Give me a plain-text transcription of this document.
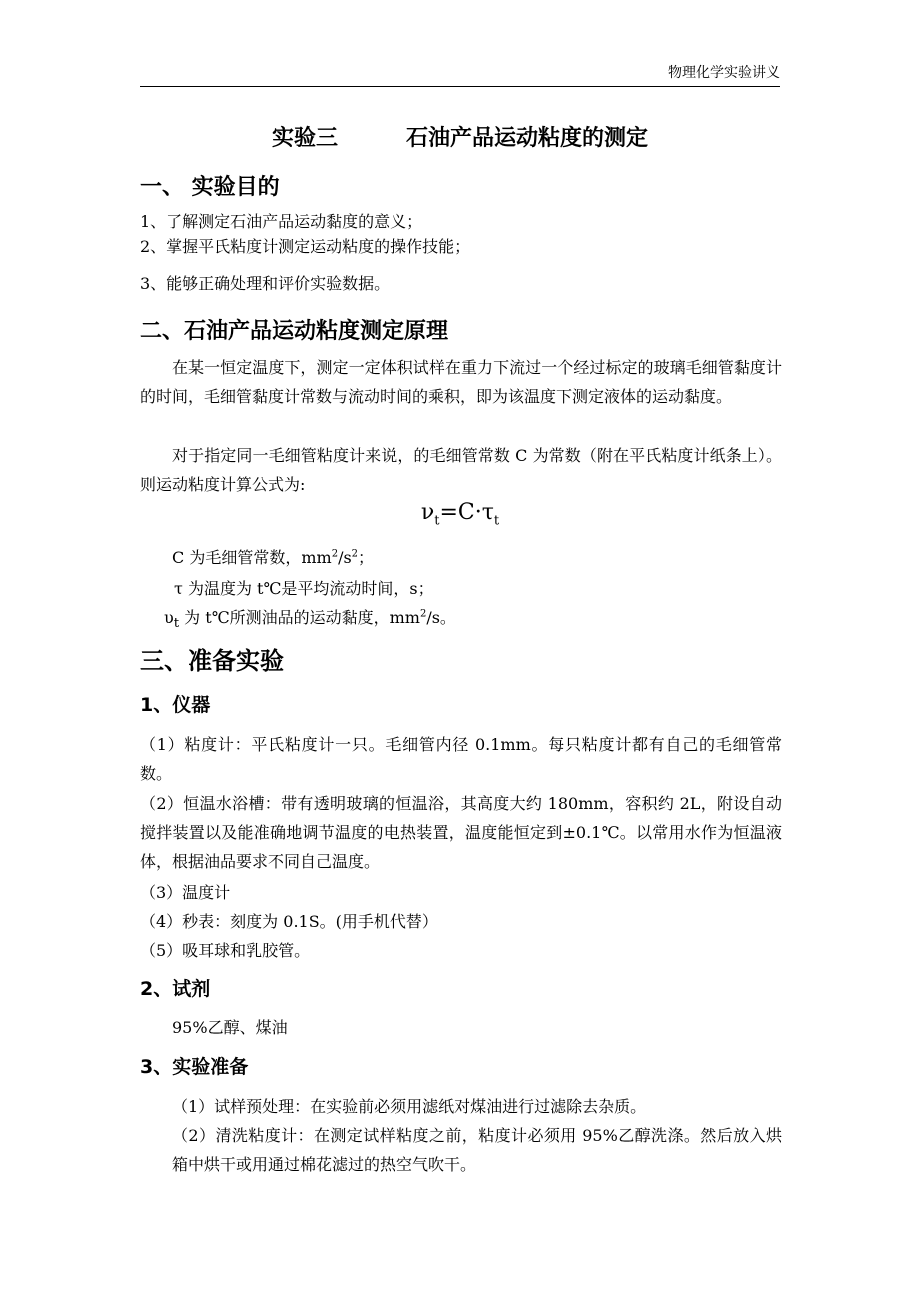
物理化学实验讲义
实验三	石油产品运动粘度的测定
一、 实验目的
1、了解测定石油产品运动黏度的意义；
2、掌握平氏粘度计测定运动粘度的操作技能；
3、能够正确处理和评价实验数据。
二、石油产品运动粘度测定原理
在某一恒定温度下，测定一定体积试样在重力下流过一个经过标定的玻璃毛细管黏度计的时间，毛细管黏度计常数与流动时间的乘积，即为该温度下测定液体的运动黏度。
对于指定同一毛细管粘度计来说，的毛细管常数 C 为常数（附在平氏粘度计纸条上）。则运动粘度计算公式为:
$\nu_t=C\cdot\tau_t$
C 为毛细管常数，$mm^2/s^2$；
τ 为温度为 t℃是平均流动时间，s；
$\upsilon_t$ 为 t℃所测油品的运动黏度，$mm^2/s$。
三、准备实验
1、仪器
（1）粘度计：平氏粘度计一只。毛细管内径 0.1mm。每只粘度计都有自己的毛细管常数。
（2）恒温水浴槽：带有透明玻璃的恒温浴，其高度大约 180mm，容积约 2L，附设自动搅拌装置以及能准确地调节温度的电热装置，温度能恒定到±0.1℃。以常用水作为恒温液体，根据油品要求不同自己温度。
（3）温度计
（4）秒表：刻度为 0.1S。(用手机代替）
（5）吸耳球和乳胶管。
2、试剂
95%乙醇、煤油
3、实验准备
（1）试样预处理：在实验前必须用滤纸对煤油进行过滤除去杂质。
（2）清洗粘度计：在测定试样粘度之前，粘度计必须用 95%乙醇洗涤。然后放入烘箱中烘干或用通过棉花滤过的热空气吹干。
